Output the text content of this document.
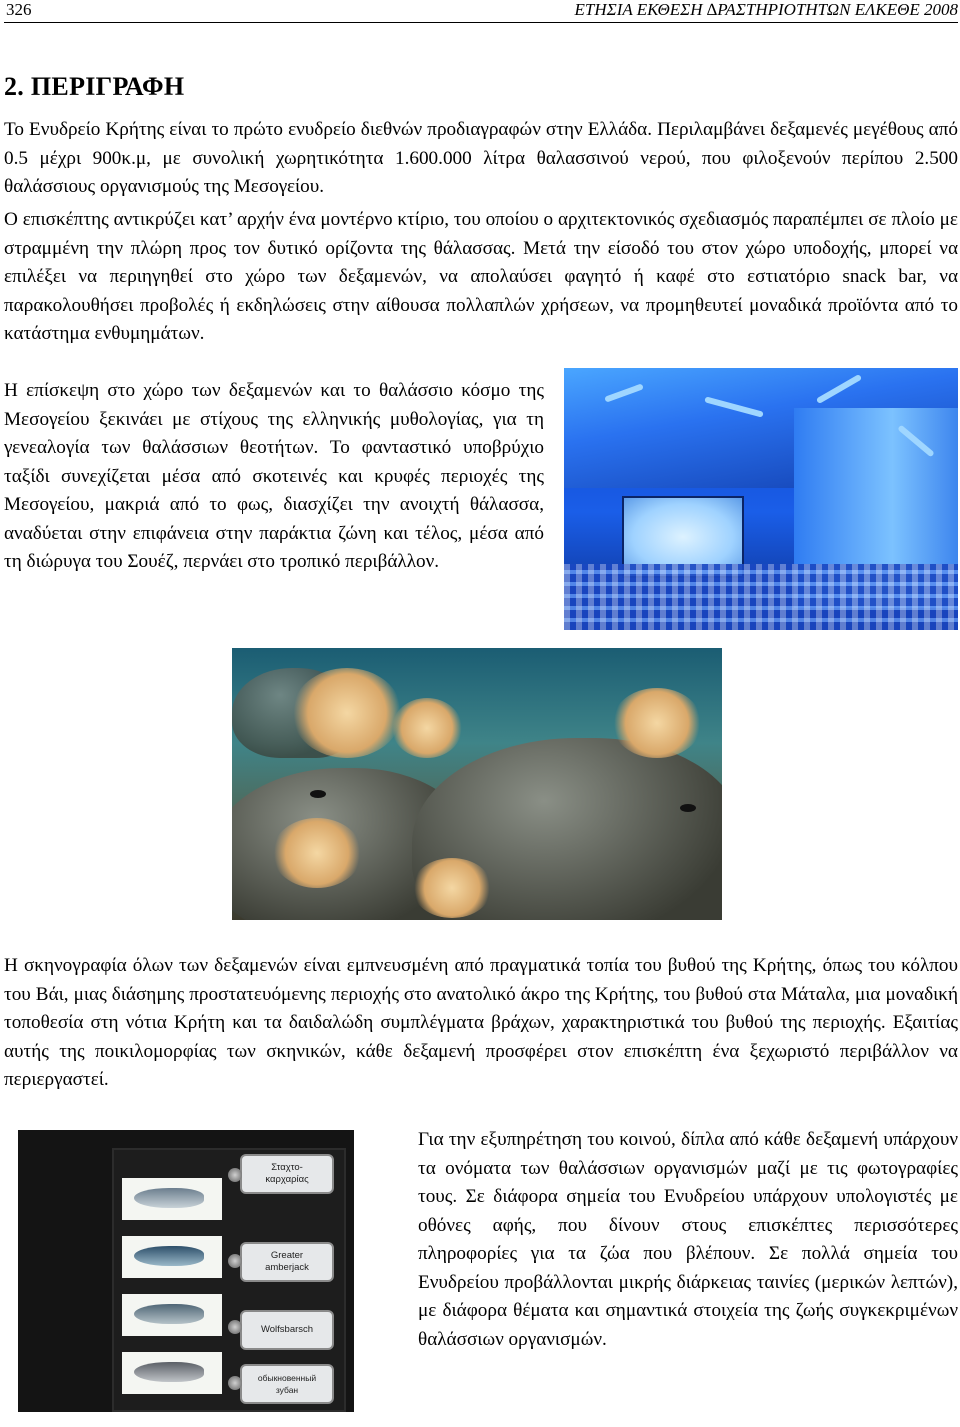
326	ΕΤΗΣΙΑ ΕΚΘΕΣΗ ∆ΡΑΣΤΗΡΙΟΤΗΤΩΝ ΕΛΚΕΘΕ 2008
2. ΠΕΡΙΓΡΑΦΗ

Το Ενυδρείο Κρήτης είναι το πρώτο ενυδρείο διεθνών προδιαγραφών στην Ελλάδα. Περιλαμβάνει δεξαμενές μεγέθους από 0.5 μέχρι 900κ.μ, με συνολική χωρητικότητα 1.600.000 λίτρα θαλασσινού νερού, που φιλοξενούν περίπου 2.500 θαλάσσιους οργανισμούς της Μεσογείου.

Ο επισκέπτης αντικρύζει κατ’ αρχήν ένα μοντέρνο κτίριο, του οποίου ο αρχιτεκτονικός σχεδιασμός παραπέμπει σε πλοίο με στραμμένη την πλώρη προς τον δυτικό ορίζοντα της θάλασσας. Μετά την είσοδό του στον χώρο υποδοχής, μπορεί να επιλέξει να περιηγηθεί στο χώρο των δεξαμενών, να απολαύσει φαγητό ή καφέ στο εστιατόριο snack bar, να παρακολουθήσει προβολές ή εκδηλώσεις στην αίθουσα πολλαπλών χρήσεων, να προμηθευτεί μοναδικά προϊόντα από το κατάστημα ενθυμημάτων.

Η επίσκεψη στο χώρο των δεξαμενών και το θαλάσσιο κόσμο της Μεσογείου ξεκινάει με στίχους της ελληνικής μυθολογίας, για τη γενεαλογία των θαλάσσιων θεοτήτων. Το φανταστικό υποβρύχιο ταξίδι συνεχίζεται μέσα από σκοτεινές και κρυφές περιοχές της Μεσογείου, μακριά από το φως, διασχίζει την ανοιχτή θάλασσα, αναδύεται στην επιφάνεια στην παράκτια ζώνη και τέλος, μέσα από τη διώρυγα του Σουέζ, περνάει στο τροπικό περιβάλλον.

Η σκηνογραφία όλων των δεξαμενών είναι εμπνευσμένη από πραγματικά τοπία του βυθού της Κρήτης, όπως του κόλπου του Βάι, μιας διάσημης προστατευόμενης περιοχής στο ανατολικό άκρο της Κρήτης, του βυθού στα Μάταλα, μια μοναδική τοποθεσία στη νότια Κρήτη και τα δαιδαλώδη συμπλέγματα βράχων, χαρακτηριστικά του βυθού της περιοχής. Εξαιτίας αυτής της ποικιλομορφίας των σκηνικών, κάθε δεξαμενή προσφέρει στον επισκέπτη ένα ξεχωριστό περιβάλλον να περιεργαστεί.

Σταχτο-
καρχαρίας
Greater
amberjack
Wolfsbarsch
обыкновенный
зубан

Για την εξυπηρέτηση του κοινού, δίπλα από κάθε δεξαμενή υπάρχουν τα ονόματα των θαλάσσιων οργανισμών μαζί με τις φωτογραφίες τους. Σε διάφορα σημεία του Ενυδρείου υπάρχουν υπολογιστές με οθόνες αφής, που δίνουν στους επισκέπτες περισσότερες πληροφορίες για τα ζώα που βλέπουν. Σε πολλά σημεία του Ενυδρείου προβάλλονται μικρής διάρκειας ταινίες (μερικών λεπτών), με διάφορα θέματα και σημαντικά στοιχεία της ζωής συγκεκριμένων θαλάσσιων οργανισμών.
